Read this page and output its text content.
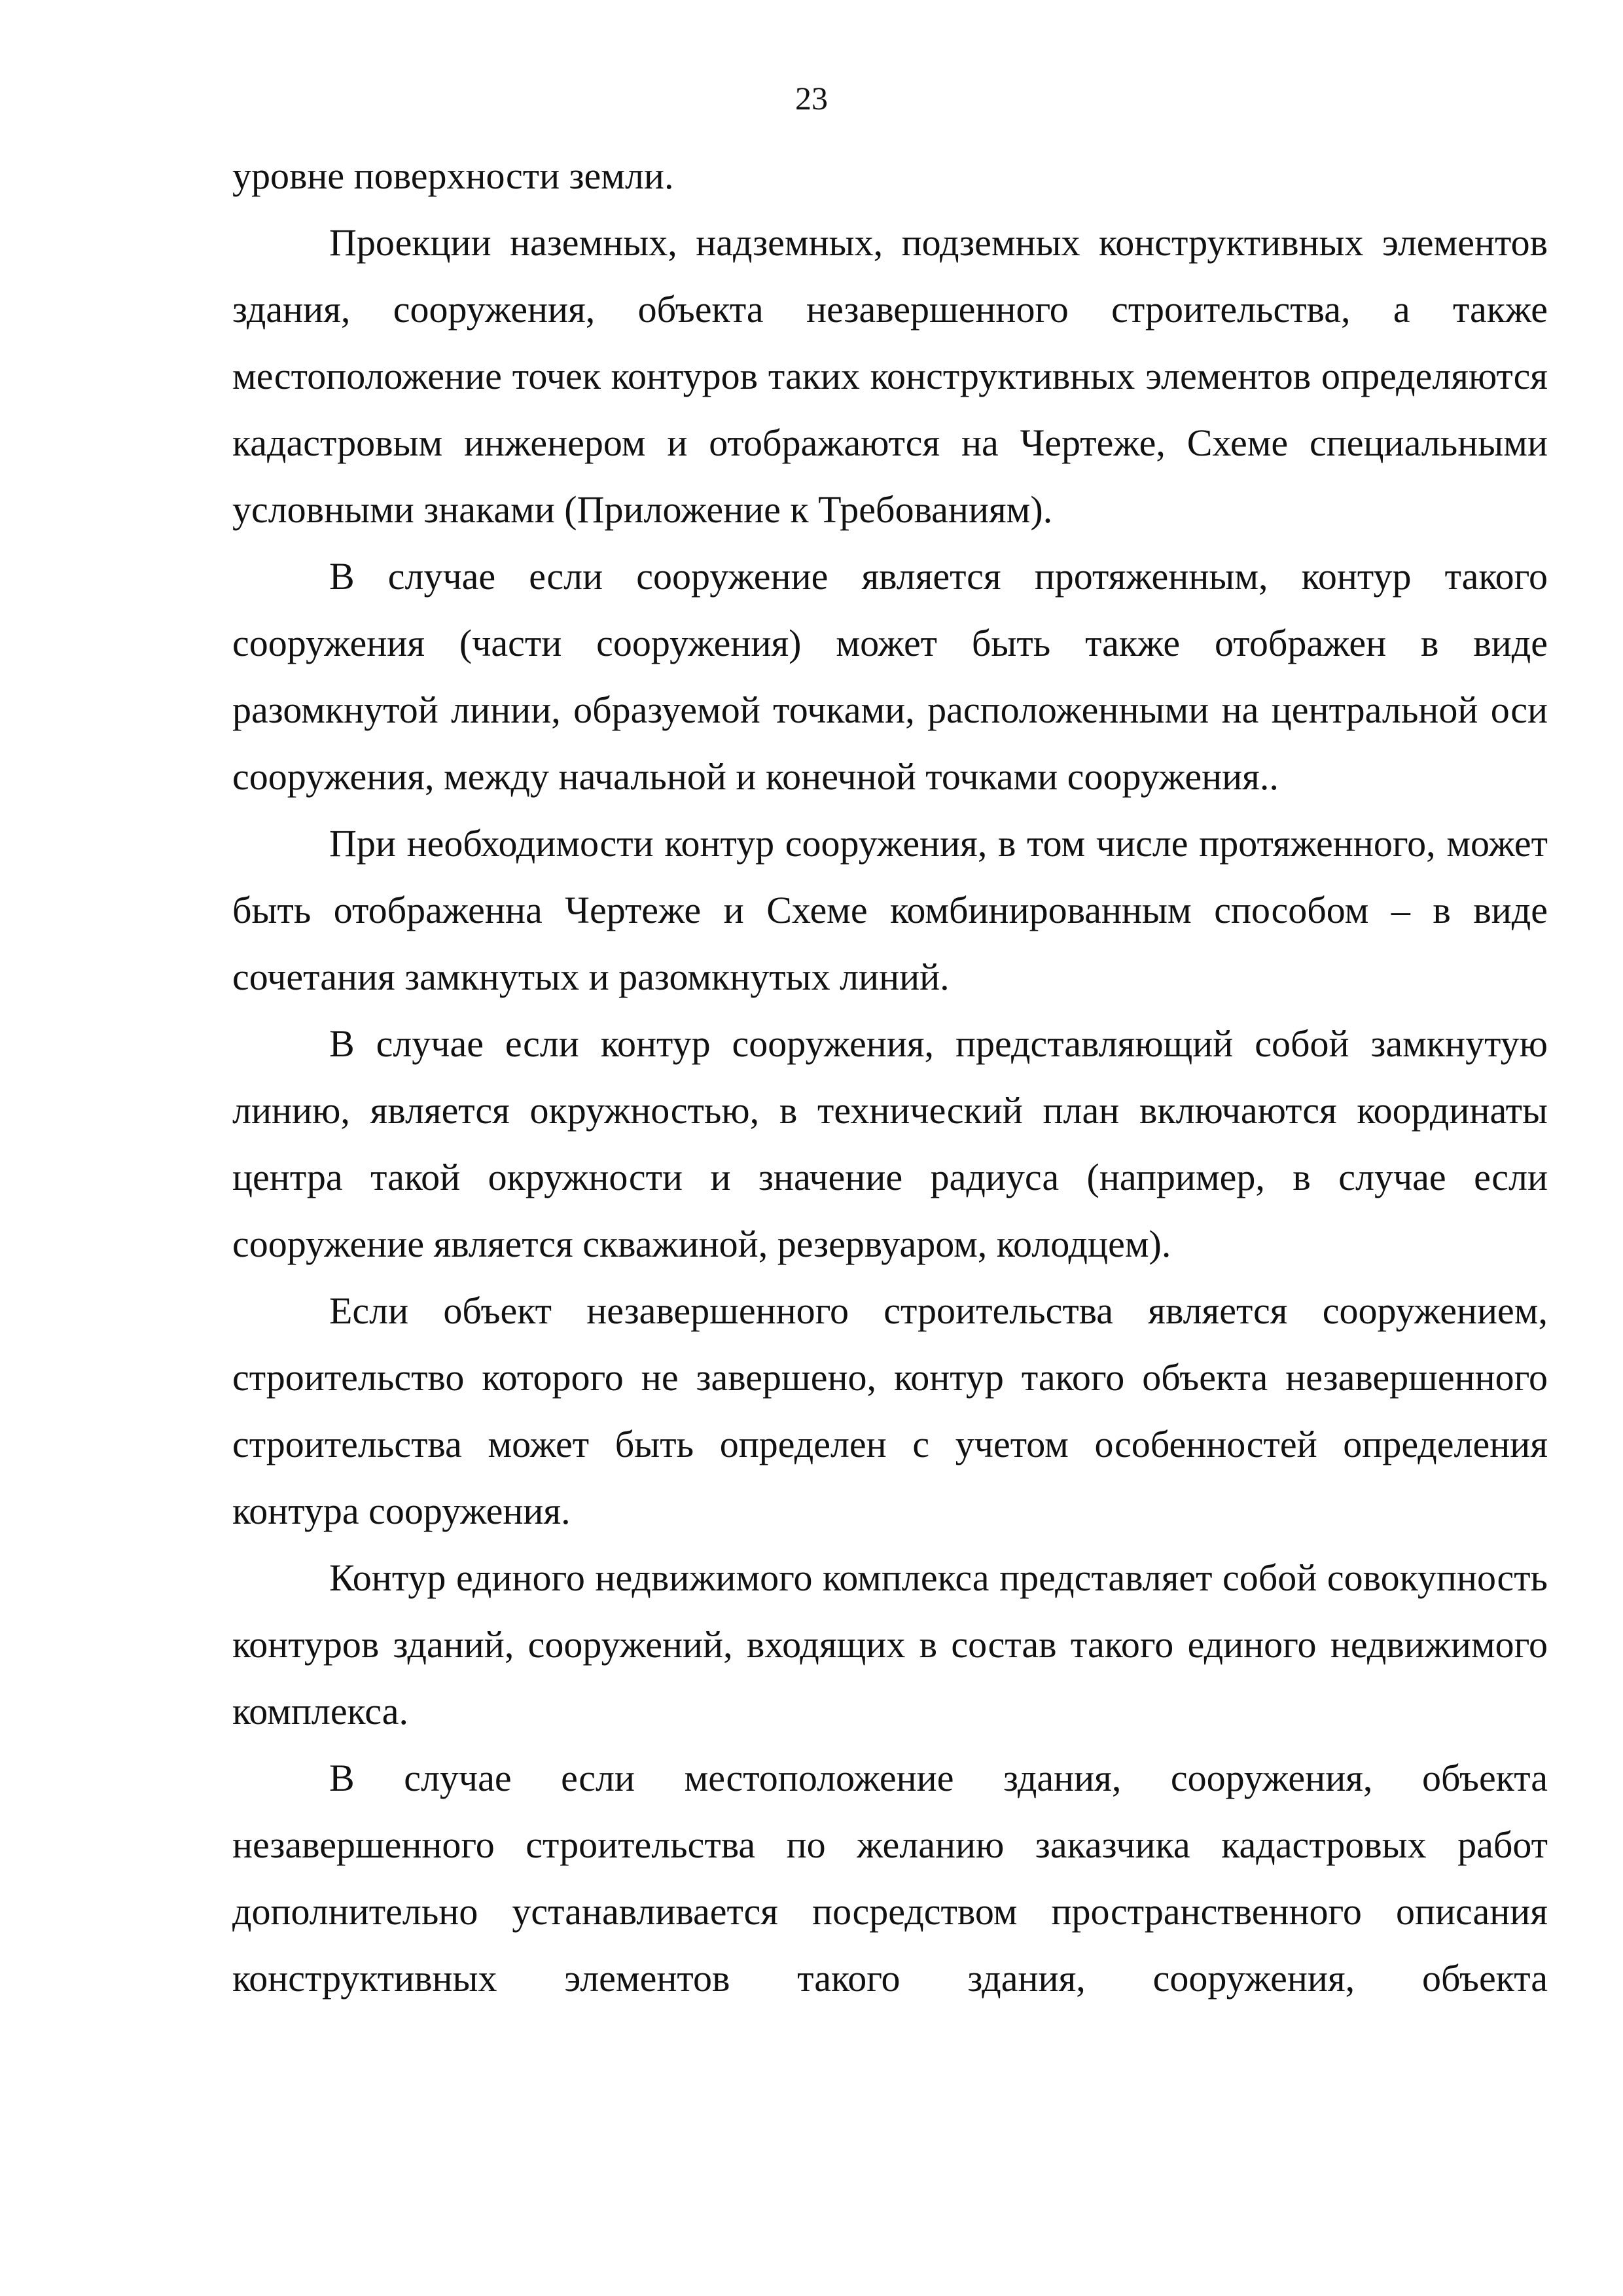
23

уровне поверхности земли.

Проекции наземных, надземных, подземных конструктивных элементов здания, сооружения, объекта незавершенного строительства, а также местоположение точек контуров таких конструктивных элементов определяются кадастровым инженером и отображаются на Чертеже, Схеме специальными условными знаками (Приложение к Требованиям).

В случае если сооружение является протяженным, контур такого сооружения (части сооружения) может быть также отображен в виде разомкнутой линии, образуемой точками, расположенными на центральной оси сооружения, между начальной и конечной точками сооружения..

При необходимости контур сооружения, в том числе протяженного, может быть отображенна Чертеже и Схеме комбинированным способом – в виде сочетания замкнутых и разомкнутых линий.

В случае если контур сооружения, представляющий собой замкнутую линию, является окружностью, в технический план включаются координаты центра такой окружности и значение радиуса (например, в случае если сооружение является скважиной, резервуаром, колодцем).

Если объект незавершенного строительства является сооружением, строительство которого не завершено, контур такого объекта незавершенного строительства может быть определен с учетом особенностей определения контура сооружения.

Контур единого недвижимого комплекса представляет собой совокупность контуров зданий, сооружений, входящих в состав такого единого недвижимого комплекса.

В случае если местоположение здания, сооружения, объекта незавершенного строительства по желанию заказчика кадастровых работ дополнительно устанавливается посредством пространственного описания конструктивных элементов такого здания, сооружения, объекта
